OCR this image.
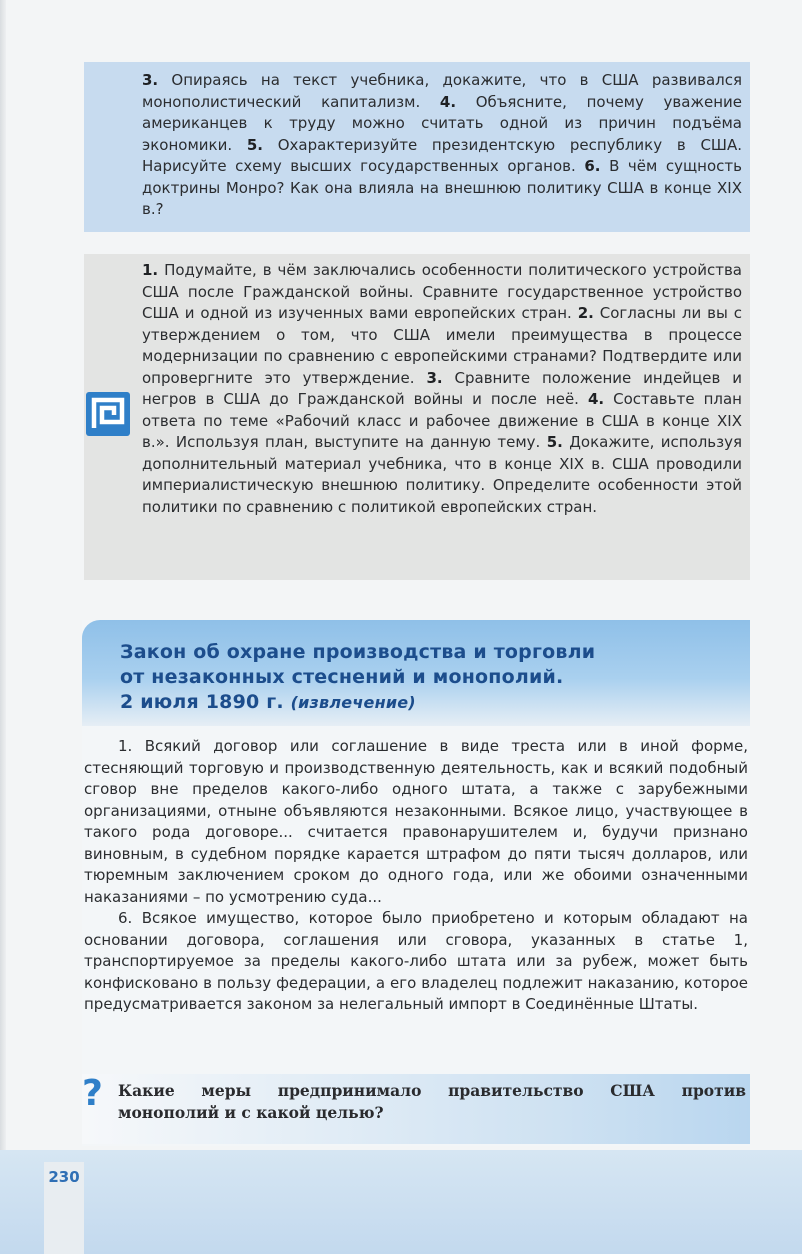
3. Опираясь на текст учебника, докажите, что в США развивался монополистический капитализм. 4. Объясните, почему уважение американцев к труду можно считать одной из причин подъёма экономики. 5. Охарактеризуйте президентскую республику в США. Нарисуйте схему высших государственных органов. 6. В чём сущность доктрины Монро? Как она влияла на внешнюю политику США в конце XIX в.?

1. Подумайте, в чём заключались особенности политического устройства США после Гражданской войны. Сравните государственное устройство США и одной из изученных вами европейских стран. 2. Согласны ли вы с утверждением о том, что США имели преимущества в процессе модернизации по сравнению с европейскими странами? Подтвердите или опровергните это утверждение. 3. Сравните положение индейцев и негров в США до Гражданской войны и после неё. 4. Составьте план ответа по теме «Рабочий класс и рабочее движение в США в конце XIX в.». Используя план, выступите на данную тему. 5. Докажите, используя дополнительный материал учебника, что в конце XIX в. США проводили империалистическую внешнюю политику. Определите особенности этой политики по сравнению с политикой европейских стран.

Закон об охране производства и торговли
от незаконных стеснений и монополий.
2 июля 1890 г. (извлечение)

1. Всякий договор или соглашение в виде треста или в иной форме, стесняющий торговую и производственную деятельность, как и всякий подобный сговор вне пределов какого-либо одного штата, а также с зарубежными организациями, отныне объявляются незаконными. Всякое лицо, участвующее в такого рода договоре... считается правонарушителем и, будучи признано виновным, в судебном порядке карается штрафом до пяти тысяч долларов, или тюремным заключением сроком до одного года, или же обоими означенными наказаниями – по усмотрению суда...

6. Всякое имущество, которое было приобретено и которым обладают на основании договора, соглашения или сговора, указанных в статье 1, транспортируемое за пределы какого-либо штата или за рубеж, может быть конфисковано в пользу федерации, а его владелец подлежит наказанию, которое предусматривается законом за нелегальный импорт в Соединённые Штаты.

? Какие меры предпринимало правительство США против монополий и с какой целью?

230
